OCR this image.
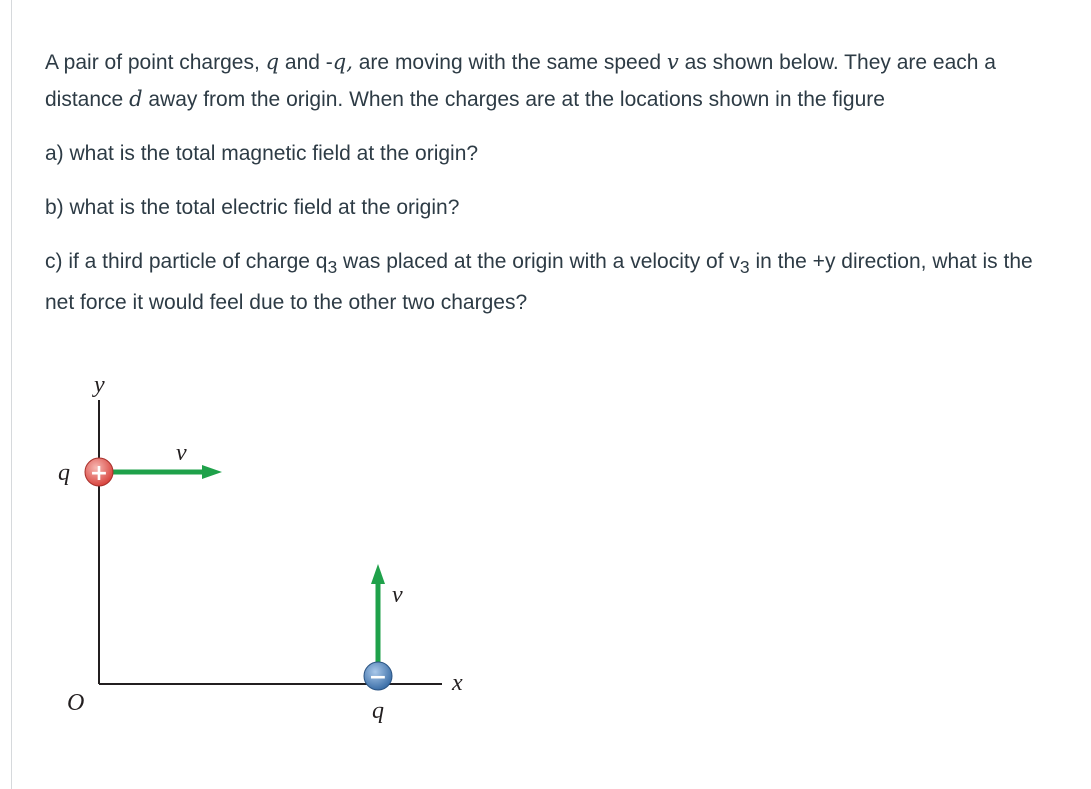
A pair of point charges, q and -q, are moving with the same speed v as shown below. They are each a distance d away from the origin. When the charges are at the locations shown in the figure

a) what is the total magnetic field at the origin?

b) what is the total electric field at the origin?

c) if a third particle of charge $q_3$ was placed at the origin with a velocity of $v_3$ in the +y direction, what is the net force it would feel due to the other two charges?

y
x
O
v
+
q
v
−
q
